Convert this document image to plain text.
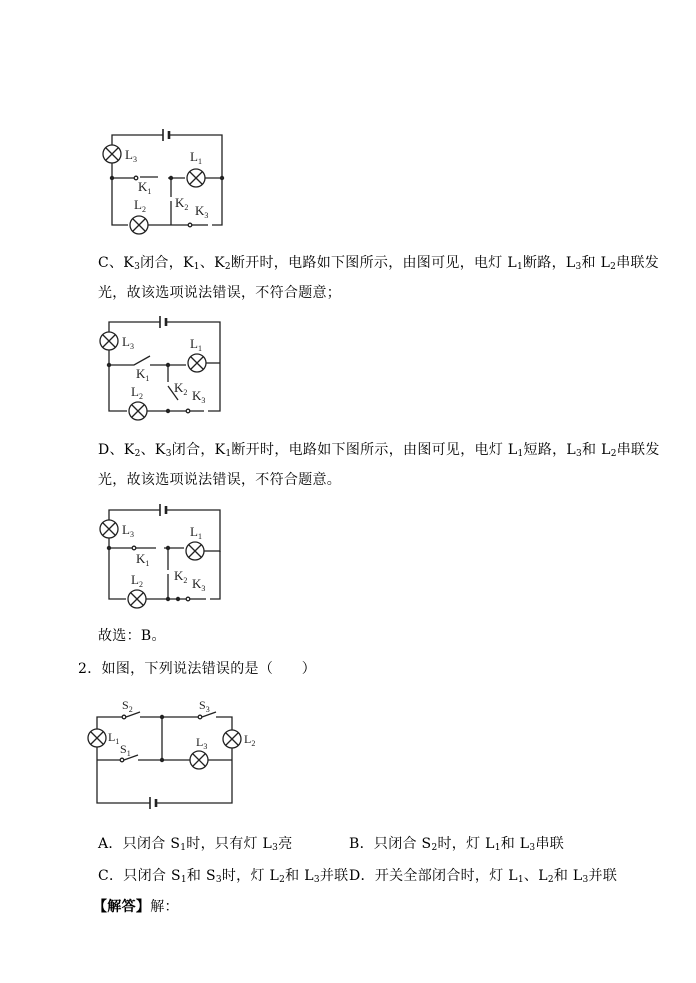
$L_3$	$L_1$
$K_1$
$L_2$ $K_2$ $K_3$
C、$K_3$闭合，$K_1$、$K_2$断开时，电路如下图所示，由图可见，电灯 $L_1$断路，$L_3$和 $L_2$串联发
光，故该选项说法错误，不符合题意；
$L_3$	$L_1$
$K_1$
$L_2$
$K_2$ $K_3$
D、$K_2$、$K_3$闭合，$K_1$断开时，电路如下图所示，由图可见，电灯 $L_1$短路，$L_3$和 $L_2$串联发
光，故该选项说法错误，不符合题意。
$L_3$	$L_1$
$K_1$
$L_2$
$K_2$ $K_3$
故选：B。
2．如图，下列说法错误的是（　　）
$S_2$	$S_3$
$L_1$
$S_1$
$L_3$
$L_2$
A．只闭合 $S_1$时，只有灯 $L_3$亮	B．只闭合 $S_2$时，灯 $L_1$和 $L_3$串联
C．只闭合 $S_1$和 $S_3$时，灯 $L_2$和 $L_3$并联 D．开关全部闭合时，灯 $L_1$、$L_2$和 $L_3$并联
【解答】解：
